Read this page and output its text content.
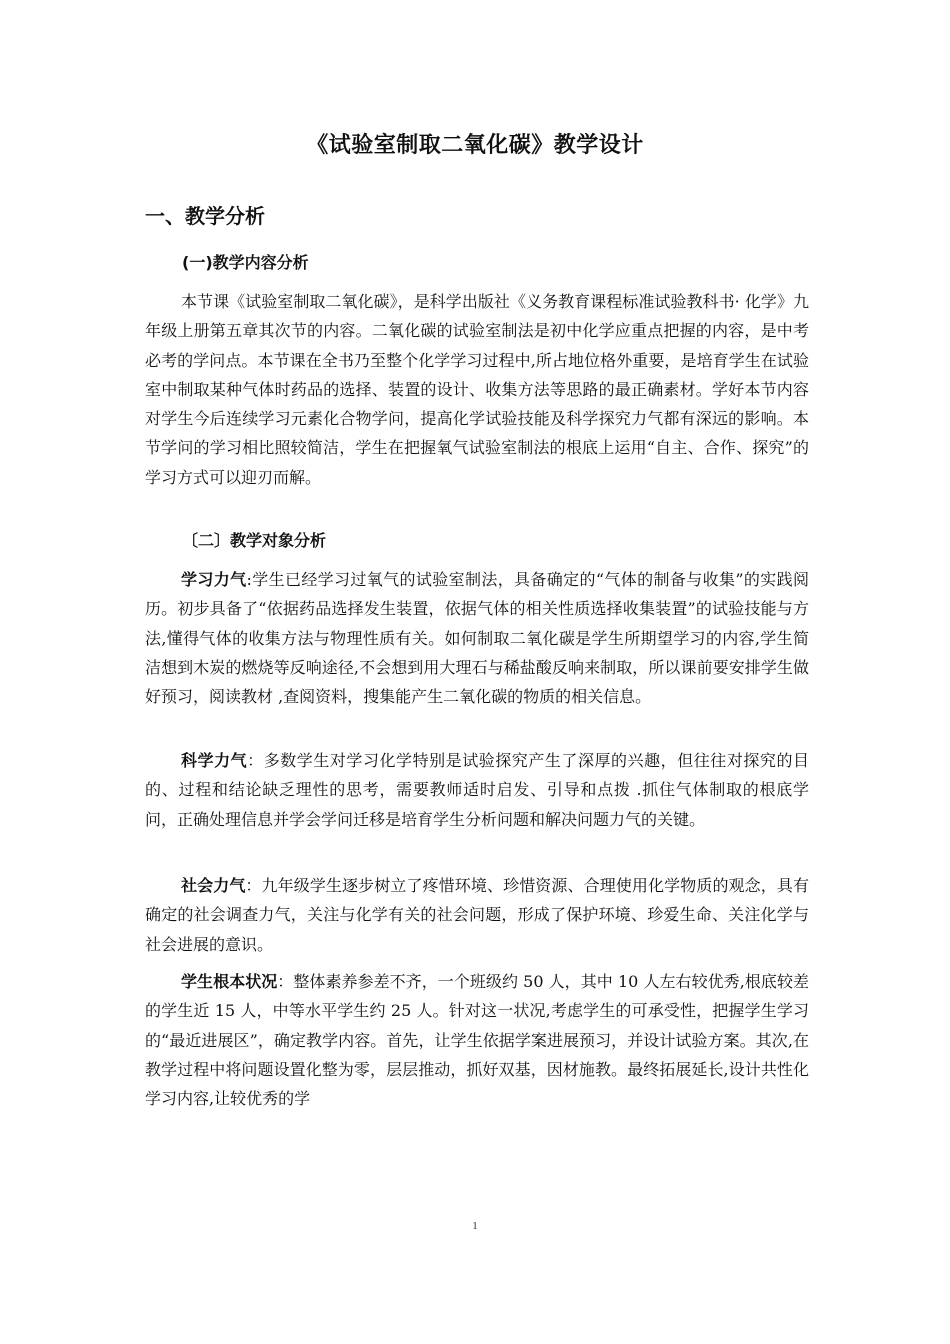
《试验室制取二氧化碳》教学设计
一、教学分析
(一)教学内容分析
本节课《试验室制取二氧化碳》，是科学出版社《义务教育课程标准试验教科书· 化学》九年级上册第五章其次节的内容。二氧化碳的试验室制法是初中化学应重点把握的内容，是中考必考的学问点。本节课在全书乃至整个化学学习过程中,所占地位格外重要，是培育学生在试验室中制取某种气体时药品的选择、装置的设计、收集方法等思路的最正确素材。学好本节内容对学生今后连续学习元素化合物学问，提高化学试验技能及科学探究力气都有深远的影响。本节学问的学习相比照较简洁，学生在把握氧气试验室制法的根底上运用“自主、合作、探究”的学习方式可以迎刃而解。
〔二〕教学对象分析
学习力气:学生已经学习过氧气的试验室制法，具备确定的“气体的制备与收集”的实践阅历。初步具备了“依据药品选择发生装置，依据气体的相关性质选择收集装置”的试验技能与方法,懂得气体的收集方法与物理性质有关。如何制取二氧化碳是学生所期望学习的内容,学生简洁想到木炭的燃烧等反响途径,不会想到用大理石与稀盐酸反响来制取，所以课前要安排学生做好预习，阅读教材 ,查阅资料，搜集能产生二氧化碳的物质的相关信息。
科学力气：多数学生对学习化学特别是试验探究产生了深厚的兴趣，但往往对探究的目的、过程和结论缺乏理性的思考，需要教师适时启发、引导和点拨 .抓住气体制取的根底学问，正确处理信息并学会学问迁移是培育学生分析问题和解决问题力气的关键。
社会力气：九年级学生逐步树立了疼惜环境、珍惜资源、合理使用化学物质的观念，具有确定的社会调查力气，关注与化学有关的社会问题，形成了保护环境、珍爱生命、关注化学与社会进展的意识。
学生根本状况：整体素养参差不齐，一个班级约 50 人，其中 10 人左右较优秀,根底较差的学生近 15 人，中等水平学生约 25 人。针对这一状况,考虑学生的可承受性，把握学生学习的“最近进展区”，确定教学内容。首先，让学生依据学案进展预习，并设计试验方案。其次,在教学过程中将问题设置化整为零，层层推动，抓好双基，因材施教。最终拓展延长,设计共性化学习内容,让较优秀的学
1
